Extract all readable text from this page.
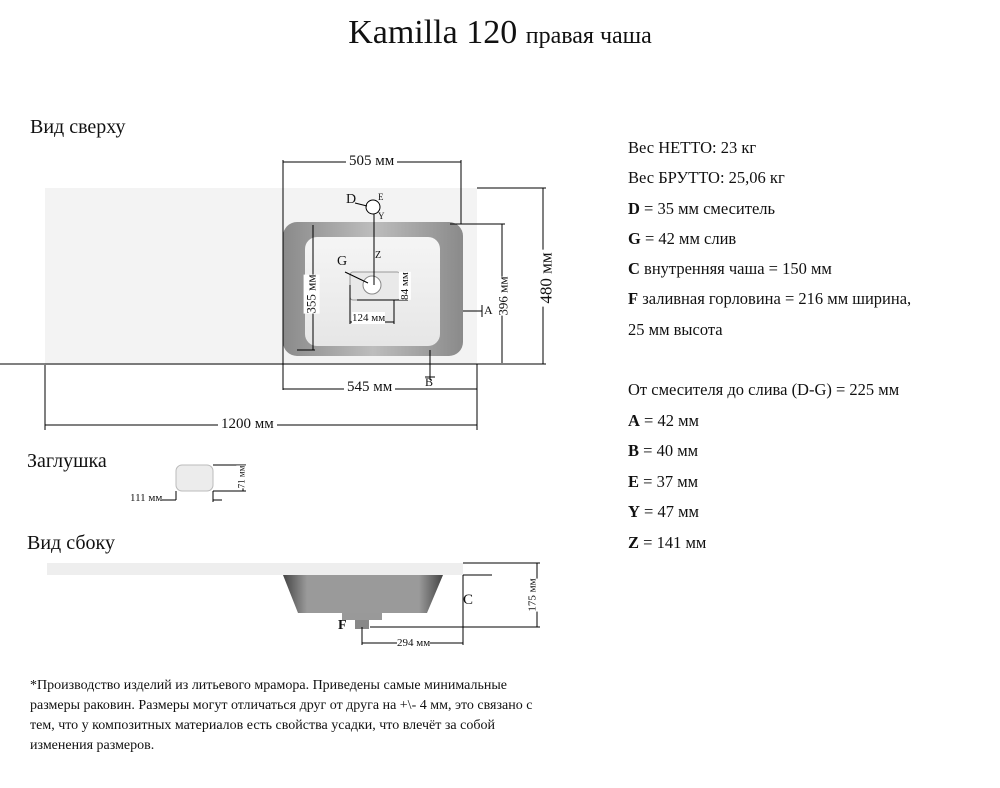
Kamilla 120 правая чаша
Вид сверху
Заглушка
Вид сбоку
505 мм
480 мм
396 мм
355 мм
124 мм
84 мм
545 мм
1200 мм
D E
Y
Z
G
A
B
111 мм
71 мм
C
F
175 мм
294 мм
Вес НЕТТО: 23 кг
Вес БРУТТО: 25,06 кг
D = 35 мм смеситель
G = 42 мм слив
C внутренняя чаша = 150 мм
F заливная горловина = 216 мм ширина,
25 мм высота
От смесителя до слива (D-G) = 225 мм
A = 42 мм
B = 40 мм
E = 37 мм
Y = 47 мм
Z = 141 мм
*Производство изделий из литьевого мрамора. Приведены самые минимальные размеры раковин. Размеры могут отличаться друг от друга на +\- 4 мм, это связано с тем, что у композитных материалов есть свойства усадки, что влечёт за собой изменения размеров.
